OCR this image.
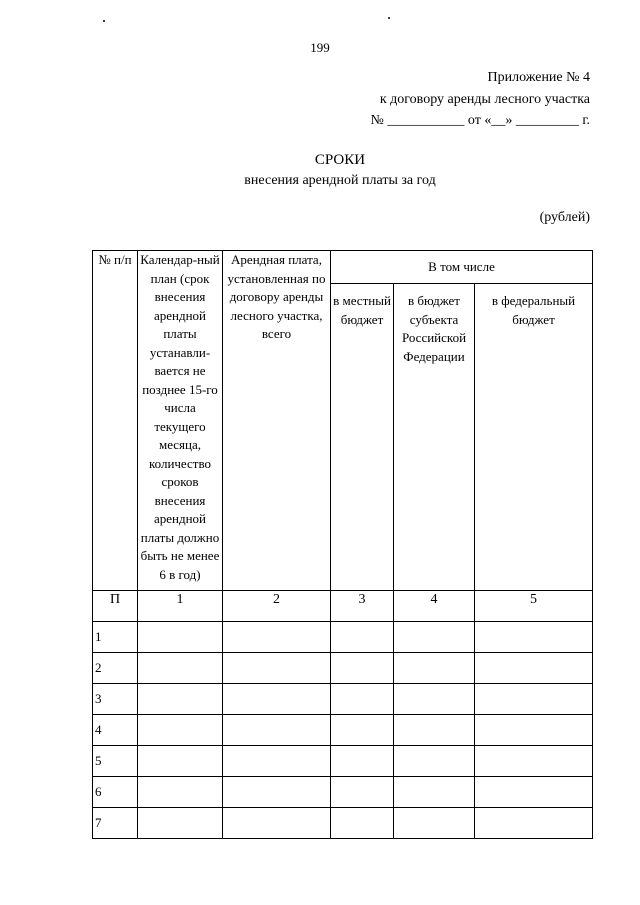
199
Приложение № 4
к договору аренды лесного участка
№ ___________ от «__» _________ г.
СРОКИ
внесения арендной платы за год
(рублей)
№ п/п	Календар-ный план (срок внесения арендной платы устанавли-вается не позднее 15-го числа текущего месяца, количество сроков внесения арендной платы должно быть не менее 6 в год)	Арендная плата, установленная по договору аренды лесного участка, всего	В том числе		
			в местный бюджет	в бюджет субъекта Российской Федерации	в федеральный бюджет
П	1	2	3	4	5
1					
2					
3					
4					
5					
6					
7					
